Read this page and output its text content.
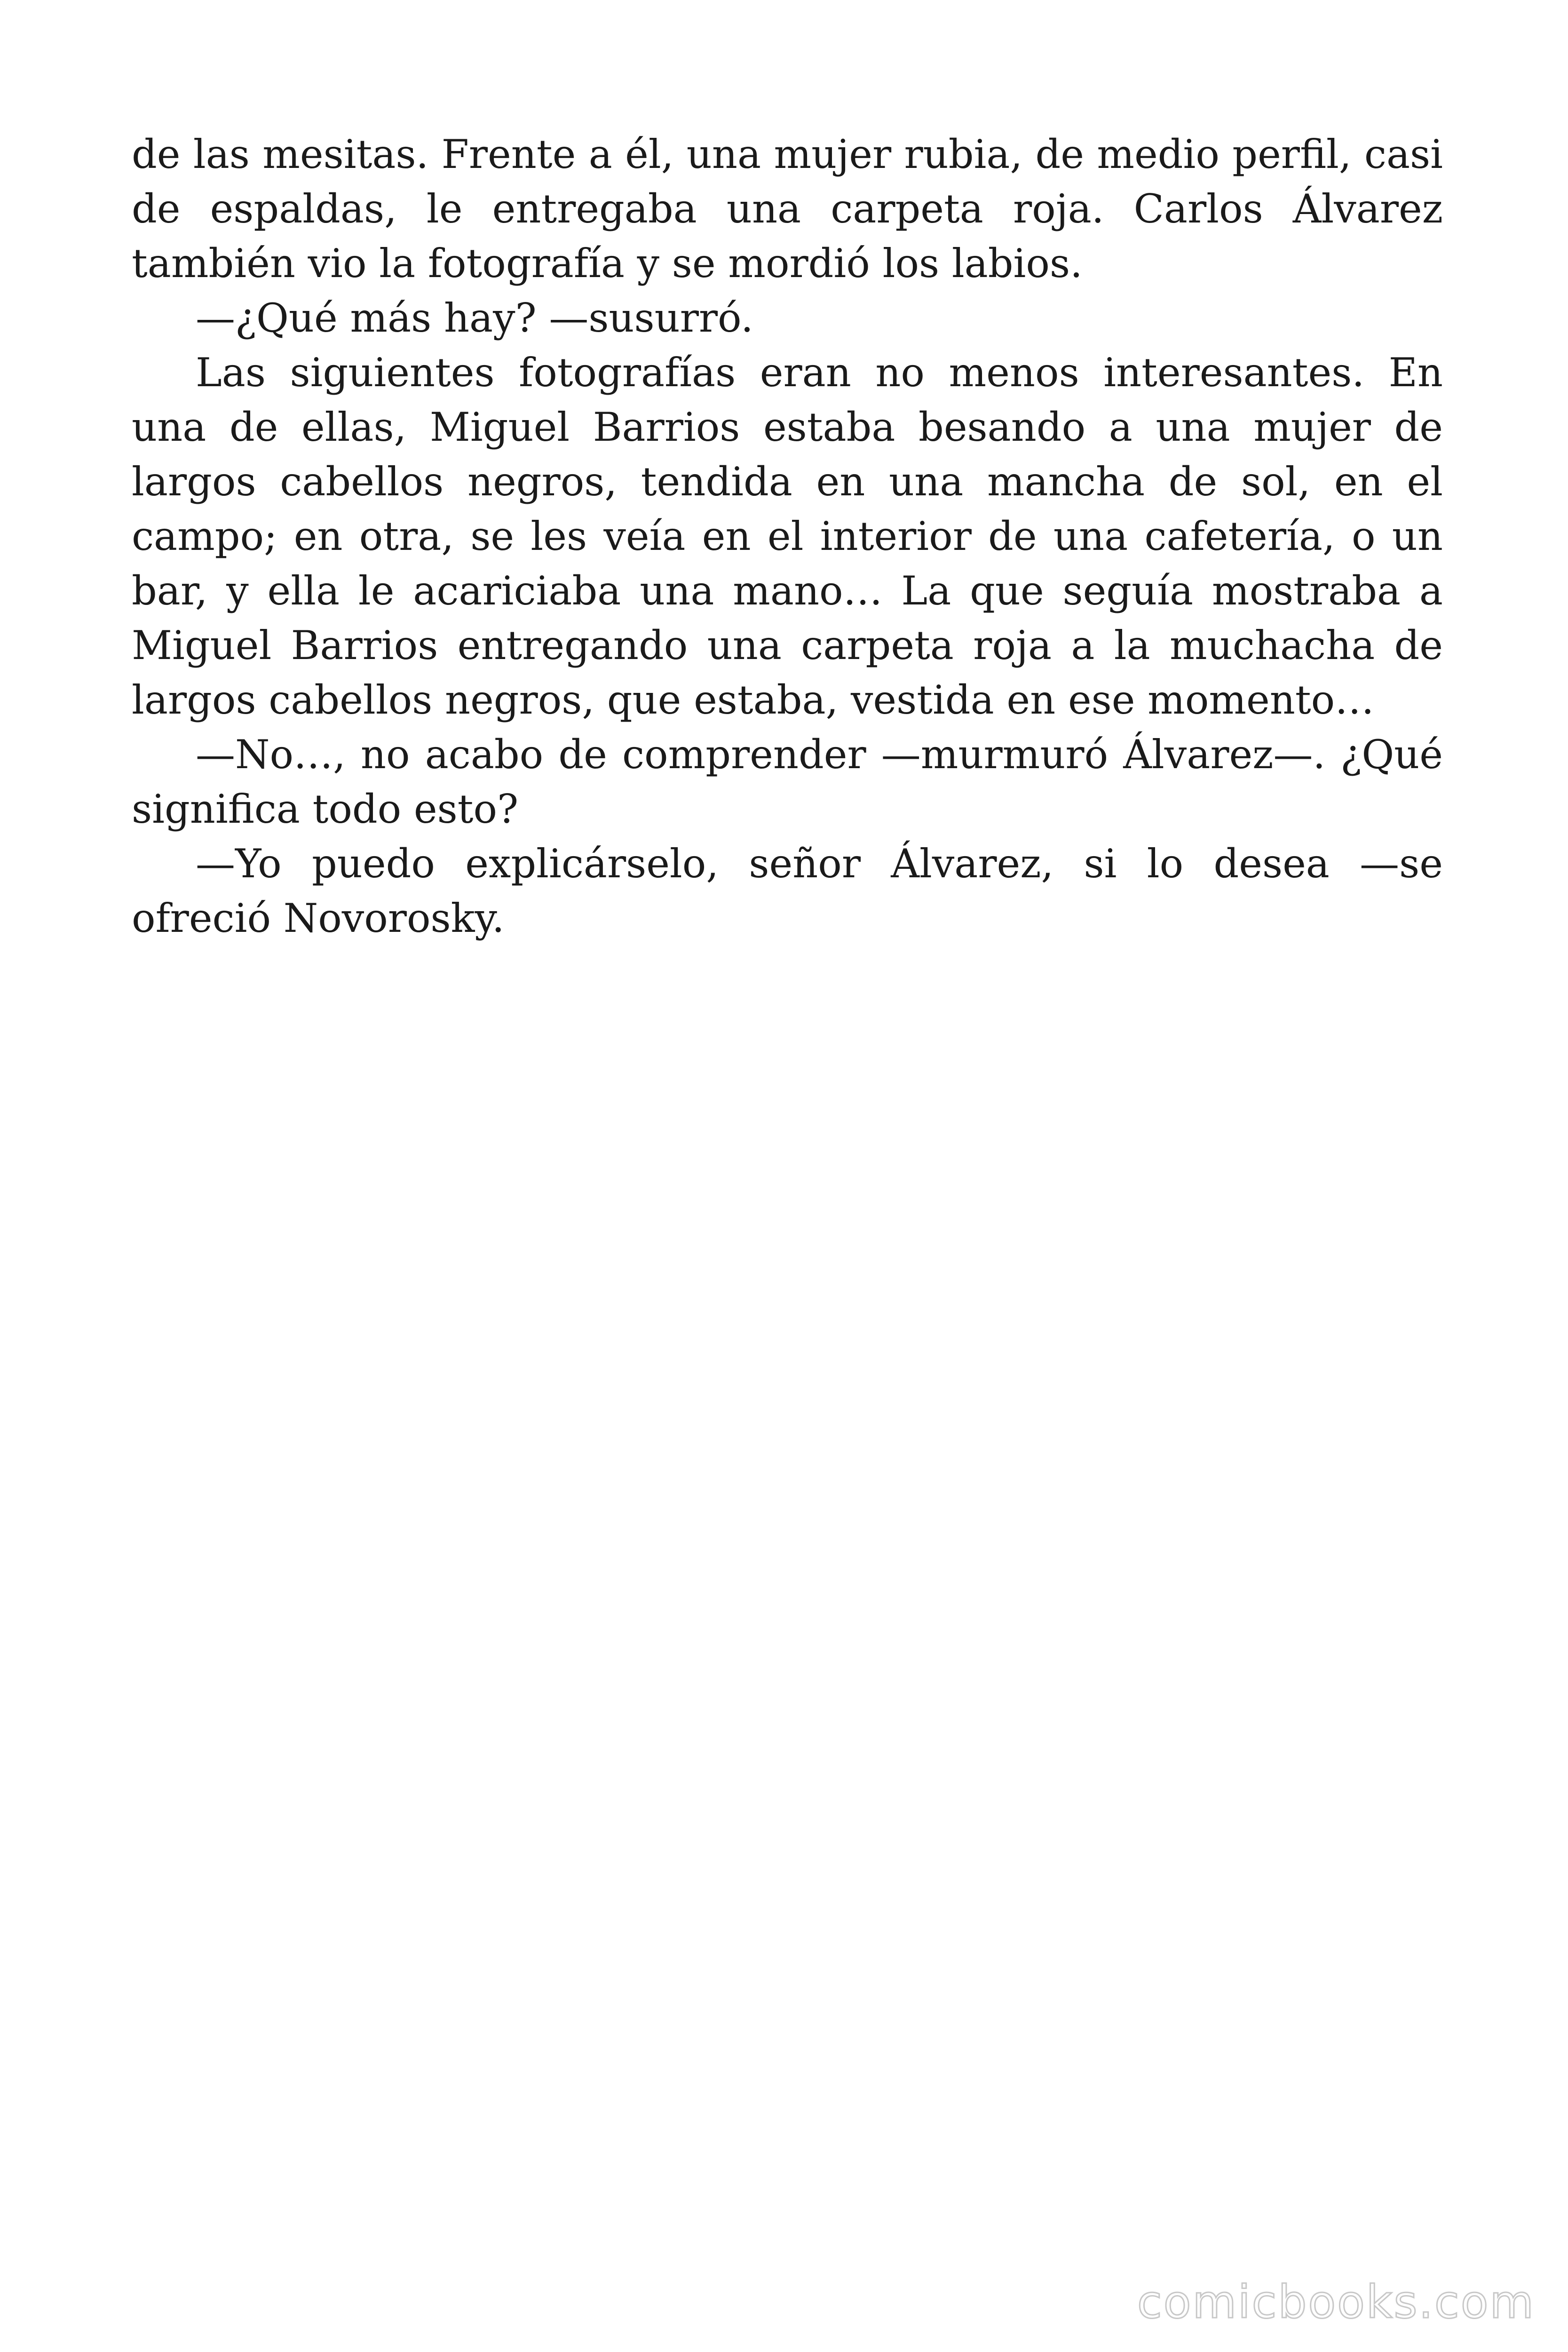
de las mesitas. Frente a él, una mujer rubia, de medio perfil, casi de espaldas, le entregaba una carpeta roja. Carlos Álvarez también vio la fotografía y se mordió los labios.

—¿Qué más hay? —susurró.

Las siguientes fotografías eran no menos interesantes. En una de ellas, Miguel Barrios estaba besando a una mujer de largos cabellos negros, tendida en una mancha de sol, en el campo; en otra, se les veía en el interior de una cafetería, o un bar, y ella le acariciaba una mano… La que seguía mostraba a Miguel Barrios entregando una carpeta roja a la muchacha de largos cabellos negros, que estaba, vestida en ese momento…

—No…, no acabo de comprender —murmuró Álvarez—. ¿Qué significa todo esto?

—Yo puedo explicárselo, señor Álvarez, si lo desea —se ofreció Novorosky.

comicbooks.com
